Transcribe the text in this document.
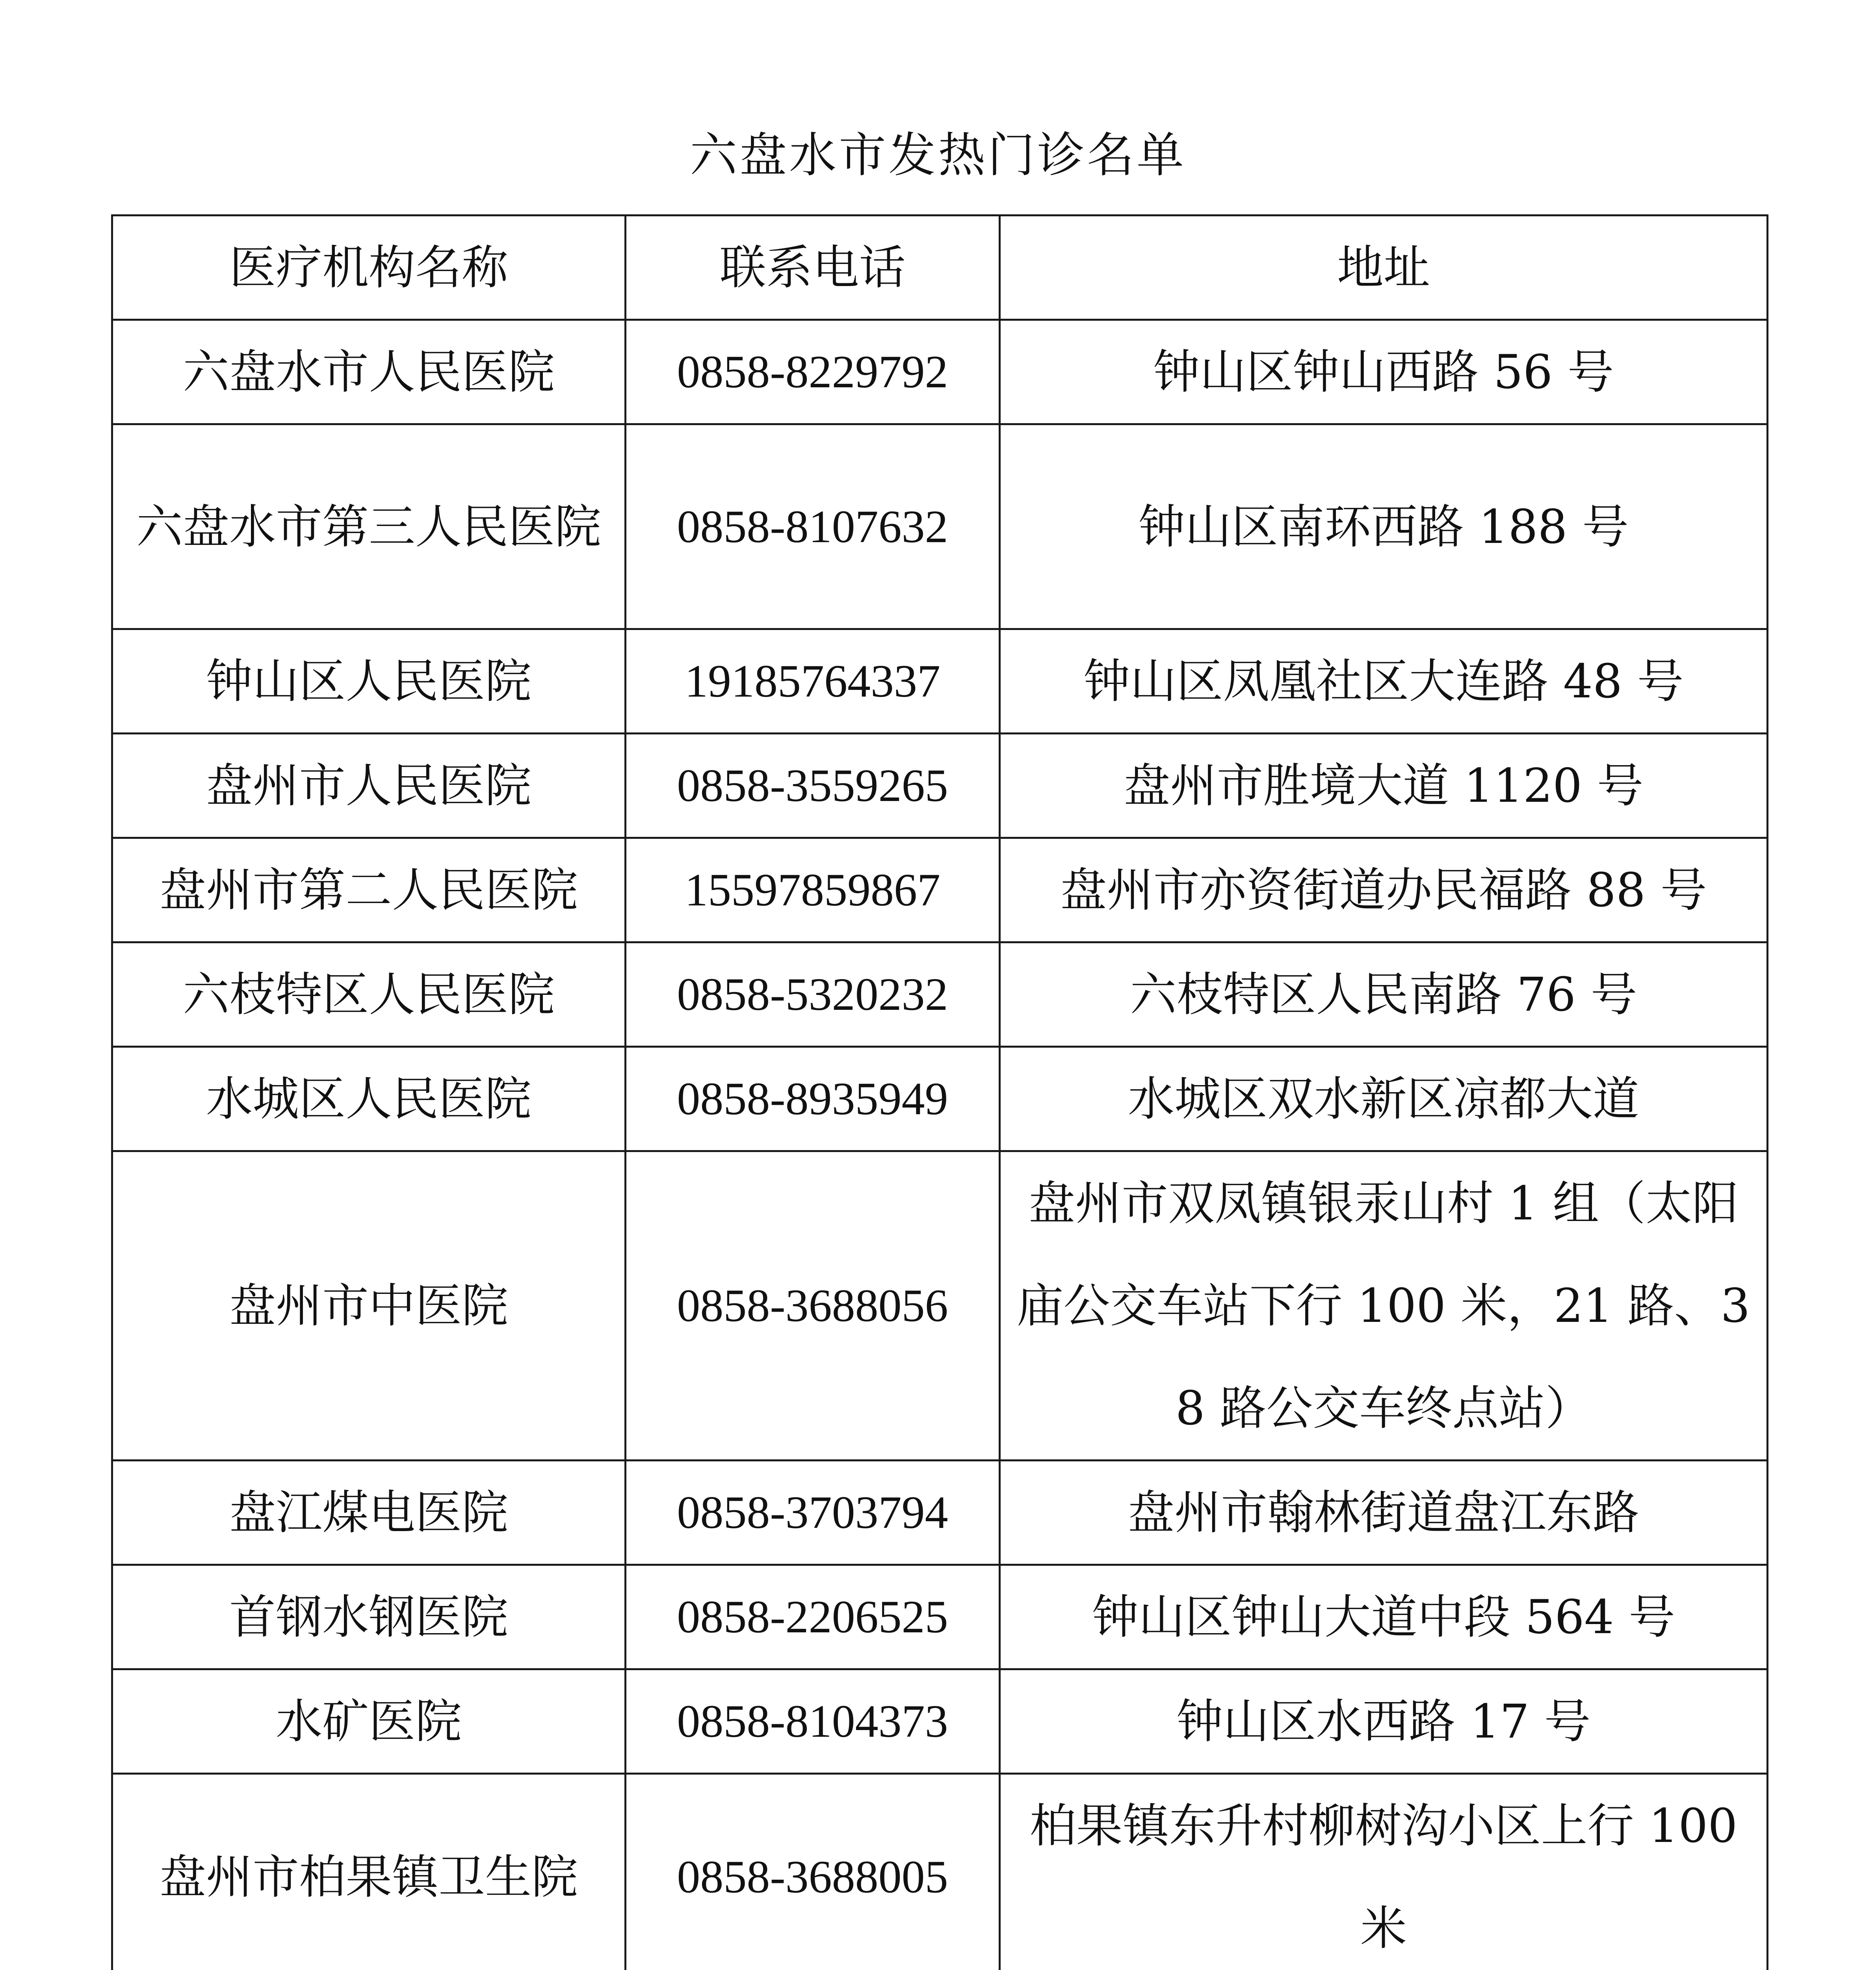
六盘水市发热门诊名单
医疗机构名称	联系电话	地址
六盘水市人民医院	0858-8229792	钟山区钟山西路 56 号
六盘水市第三人民医院	0858-8107632	钟山区南环西路 188 号
钟山区人民医院	19185764337	钟山区凤凰社区大连路 48 号
盘州市人民医院	0858-3559265	盘州市胜境大道 1120 号
盘州市第二人民医院	15597859867	盘州市亦资街道办民福路 88 号
六枝特区人民医院	0858-5320232	六枝特区人民南路 76 号
水城区人民医院	0858-8935949	水城区双水新区凉都大道
盘州市中医院	0858-3688056	盘州市双凤镇银汞山村 1 组（太阳庙公交车站下行 100 米，21 路、38 路公交车终点站）
盘江煤电医院	0858-3703794	盘州市翰林街道盘江东路
首钢水钢医院	0858-2206525	钟山区钟山大道中段 564 号
水矿医院	0858-8104373	钟山区水西路 17 号
盘州市柏果镇卫生院	0858-3688005	柏果镇东升村柳树沟小区上行 100 米
